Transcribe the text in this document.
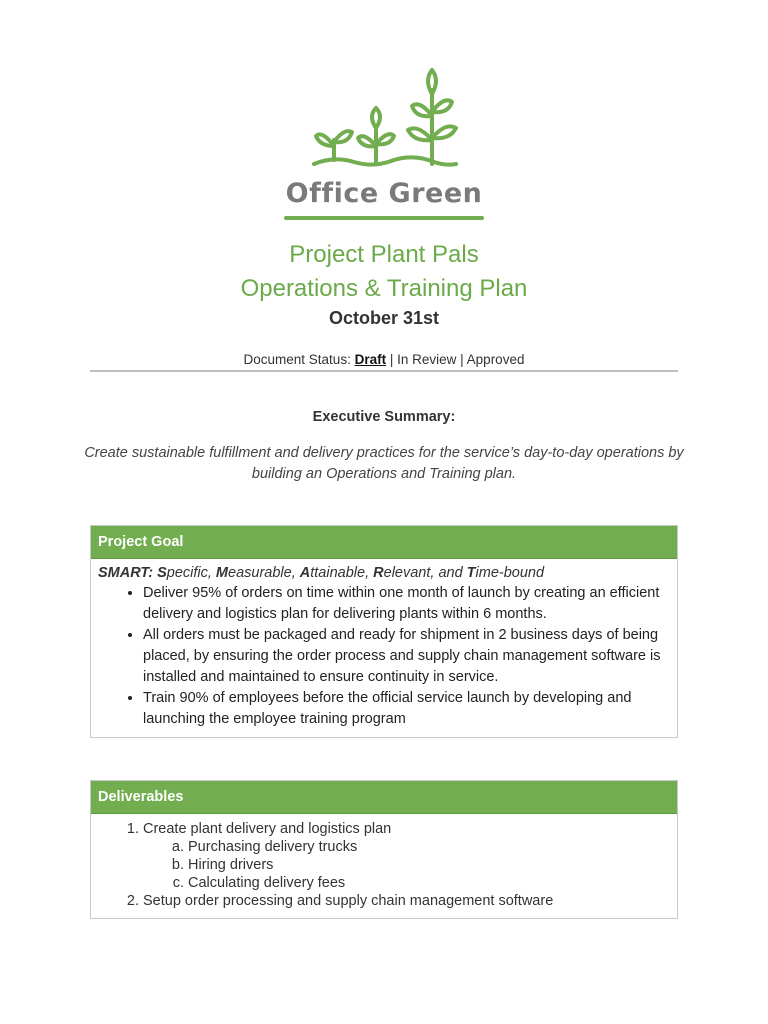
Office Green
Project Plant Pals
Operations & Training Plan
October 31st
Document Status: Draft | In Review | Approved
Executive Summary:
Create sustainable fulfillment and delivery practices for the service’s day-to-day operations by building an Operations and Training plan.
Project Goal
SMART: Specific, Measurable, Attainable, Relevant, and Time-bound
• Deliver 95% of orders on time within one month of launch by creating an efficient delivery and logistics plan for delivering plants within 6 months.
• All orders must be packaged and ready for shipment in 2 business days of being placed, by ensuring the order process and supply chain management software is installed and maintained to ensure continuity in service.
• Train 90% of employees before the official service launch by developing and launching the employee training program
Deliverables
1. Create plant delivery and logistics plan
a. Purchasing delivery trucks
b. Hiring drivers
c. Calculating delivery fees
2. Setup order processing and supply chain management software
